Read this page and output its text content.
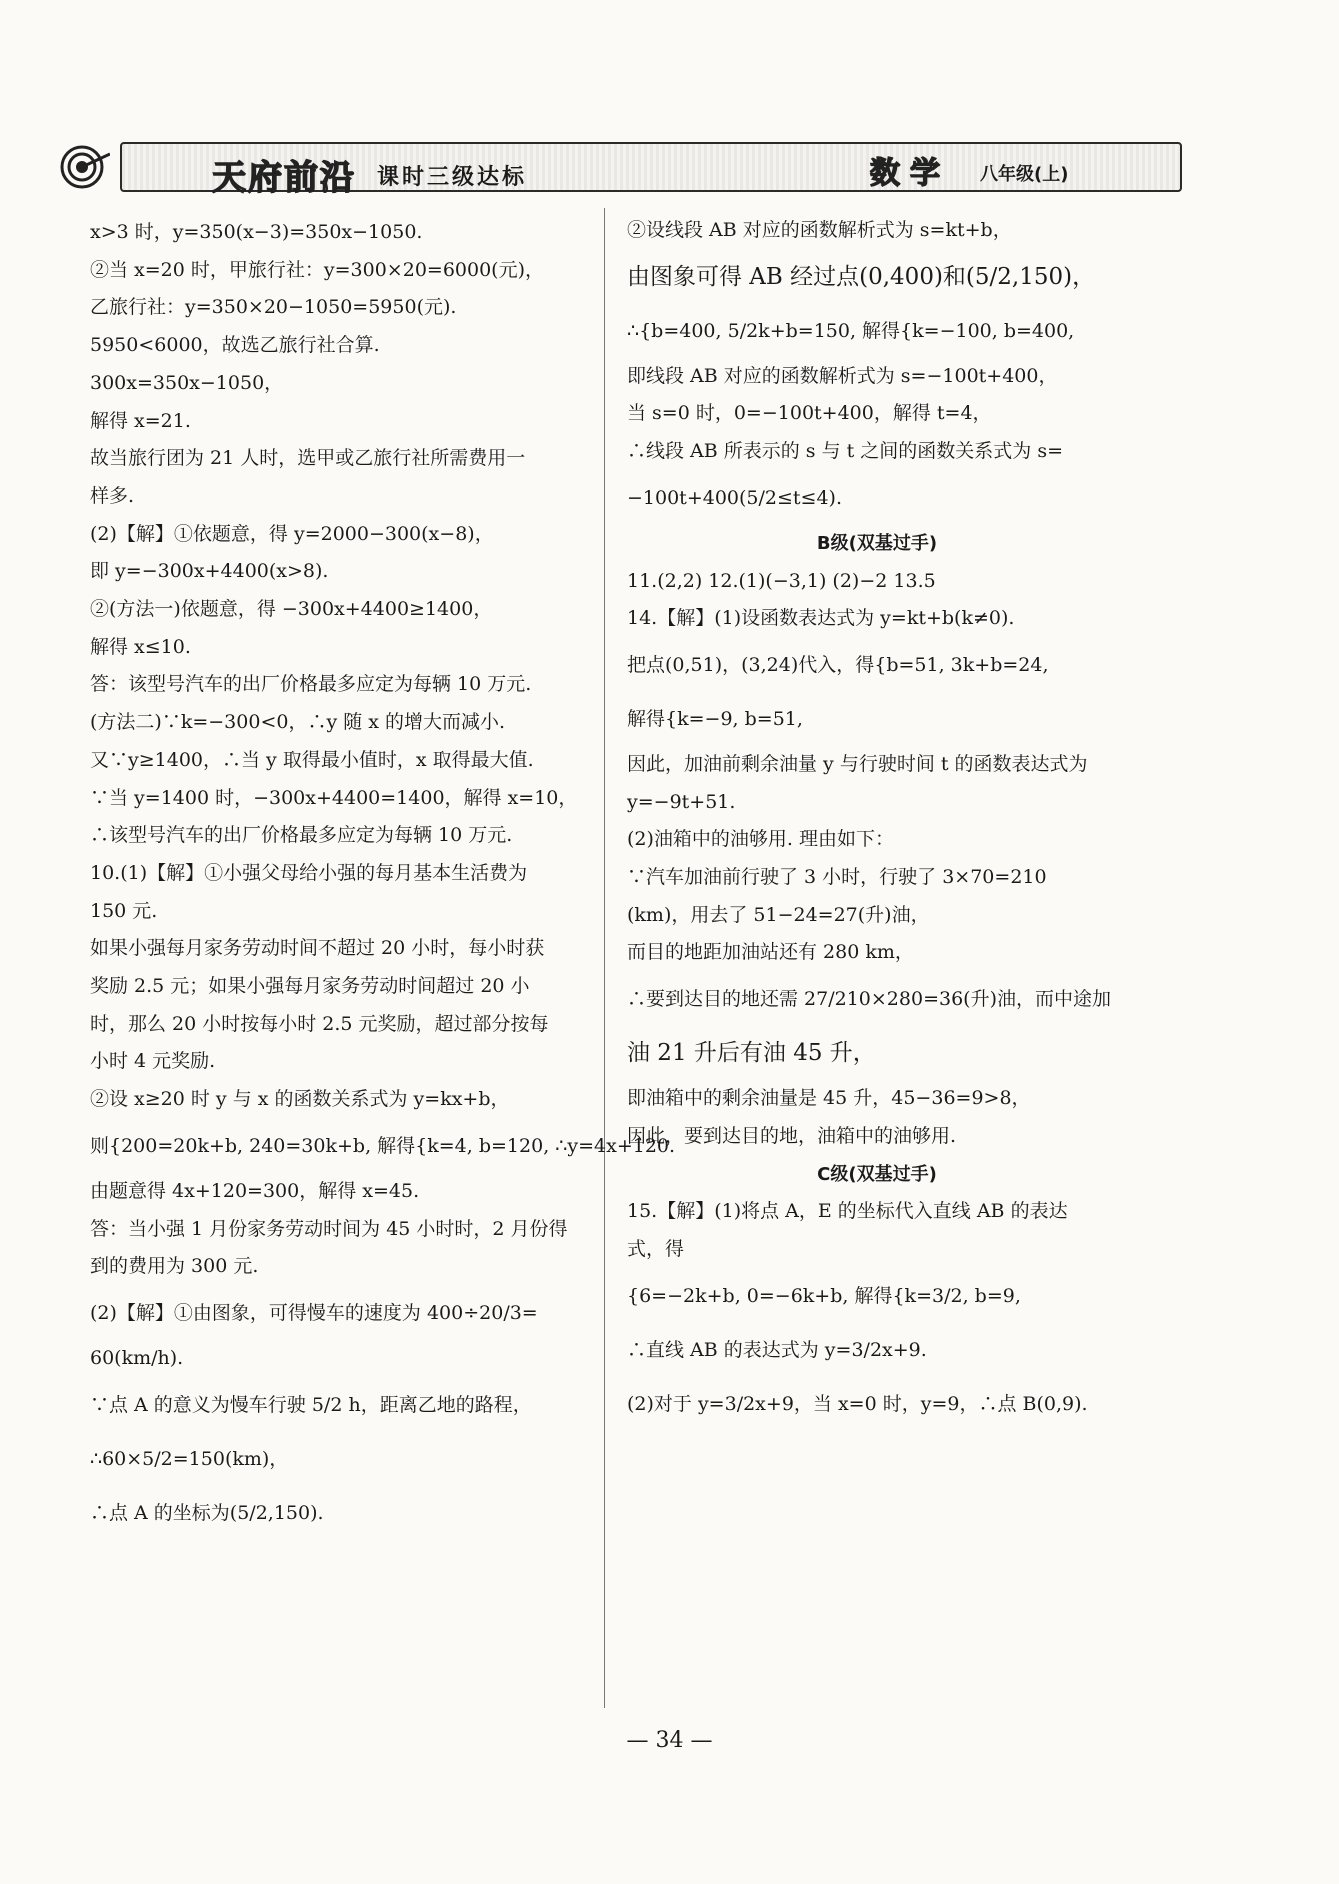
天府前沿 课时三级达标	数学 八年级(上)
x>3 时，y=350(x−3)=350x−1050.
②当 x=20 时，甲旅行社：y=300×20=6000(元)，
乙旅行社：y=350×20−1050=5950(元).
5950<6000，故选乙旅行社合算.
300x=350x−1050，
解得 x=21.
故当旅行团为 21 人时，选甲或乙旅行社所需费用一
样多.
(2)【解】①依题意，得 y=2000−300(x−8)，
即 y=−300x+4400(x>8).
②(方法一)依题意，得 −300x+4400≥1400，
解得 x≤10.
答：该型号汽车的出厂价格最多应定为每辆 10 万元.
(方法二)∵k=−300<0，∴y 随 x 的增大而减小.
又∵y≥1400，∴当 y 取得最小值时，x 取得最大值.
∵当 y=1400 时，−300x+4400=1400，解得 x=10，
∴该型号汽车的出厂价格最多应定为每辆 10 万元.
10.(1)【解】①小强父母给小强的每月基本生活费为
150 元.
如果小强每月家务劳动时间不超过 20 小时，每小时获
奖励 2.5 元；如果小强每月家务劳动时间超过 20 小
时，那么 20 小时按每小时 2.5 元奖励，超过部分按每
小时 4 元奖励.
②设 x≥20 时 y 与 x 的函数关系式为 y=kx+b，
则{200=20k+b, 240=30k+b, 解得{k=4, b=120, ∴y=4x+120.
由题意得 4x+120=300，解得 x=45.
答：当小强 1 月份家务劳动时间为 45 小时时，2 月份得
到的费用为 300 元.
(2)【解】①由图象，可得慢车的速度为 400÷20/3=
60(km/h).
∵点 A 的意义为慢车行驶 5/2 h，距离乙地的路程，
∴60×5/2=150(km)，
∴点 A 的坐标为(5/2,150).
②设线段 AB 对应的函数解析式为 s=kt+b，
由图象可得 AB 经过点(0,400)和(5/2,150)，
∴{b=400, 5/2k+b=150, 解得{k=−100, b=400,
即线段 AB 对应的函数解析式为 s=−100t+400，
当 s=0 时，0=−100t+400，解得 t=4，
∴线段 AB 所表示的 s 与 t 之间的函数关系式为 s=
−100t+400(5/2≤t≤4).
B级(双基过手)
11.(2,2) 12.(1)(−3,1) (2)−2 13.5
14.【解】(1)设函数表达式为 y=kt+b(k≠0).
把点(0,51)，(3,24)代入，得{b=51, 3k+b=24,
解得{k=−9, b=51,
因此，加油前剩余油量 y 与行驶时间 t 的函数表达式为
y=−9t+51.
(2)油箱中的油够用. 理由如下：
∵汽车加油前行驶了 3 小时，行驶了 3×70=210
(km)，用去了 51−24=27(升)油，
而目的地距加油站还有 280 km，
∴要到达目的地还需 27/210×280=36(升)油，而中途加
油 21 升后有油 45 升，
即油箱中的剩余油量是 45 升，45−36=9>8，
因此，要到达目的地，油箱中的油够用.
C级(双基过手)
15.【解】(1)将点 A，E 的坐标代入直线 AB 的表达
式，得
{6=−2k+b, 0=−6k+b, 解得{k=3/2, b=9,
∴直线 AB 的表达式为 y=3/2x+9.
(2)对于 y=3/2x+9，当 x=0 时，y=9，∴点 B(0,9).
— 34 —
